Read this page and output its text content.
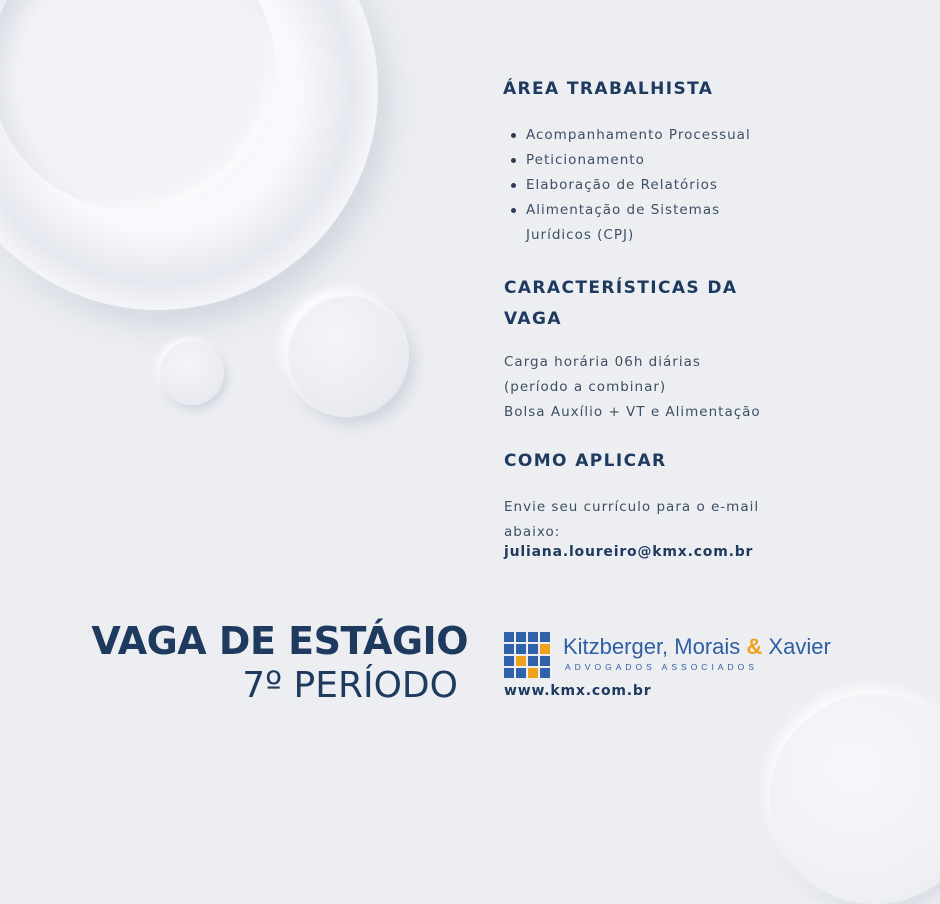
ÁREA TRABALHISTA
Acompanhamento Processual
Peticionamento
Elaboração de Relatórios
Alimentação de Sistemas
Jurídicos (CPJ)
CARACTERÍSTICAS DA
VAGA

Carga horária 06h diárias
(período a combinar)
Bolsa Auxílio + VT e Alimentação

COMO APLICAR

Envie seu currículo para o e-mail
abaixo:

juliana.loureiro@kmx.com.br
VAGA DE ESTÁGIO
7º PERÍODO
Kitzberger, Morais & Xavier
ADVOGADOS ASSOCIADOS
www.kmx.com.br
